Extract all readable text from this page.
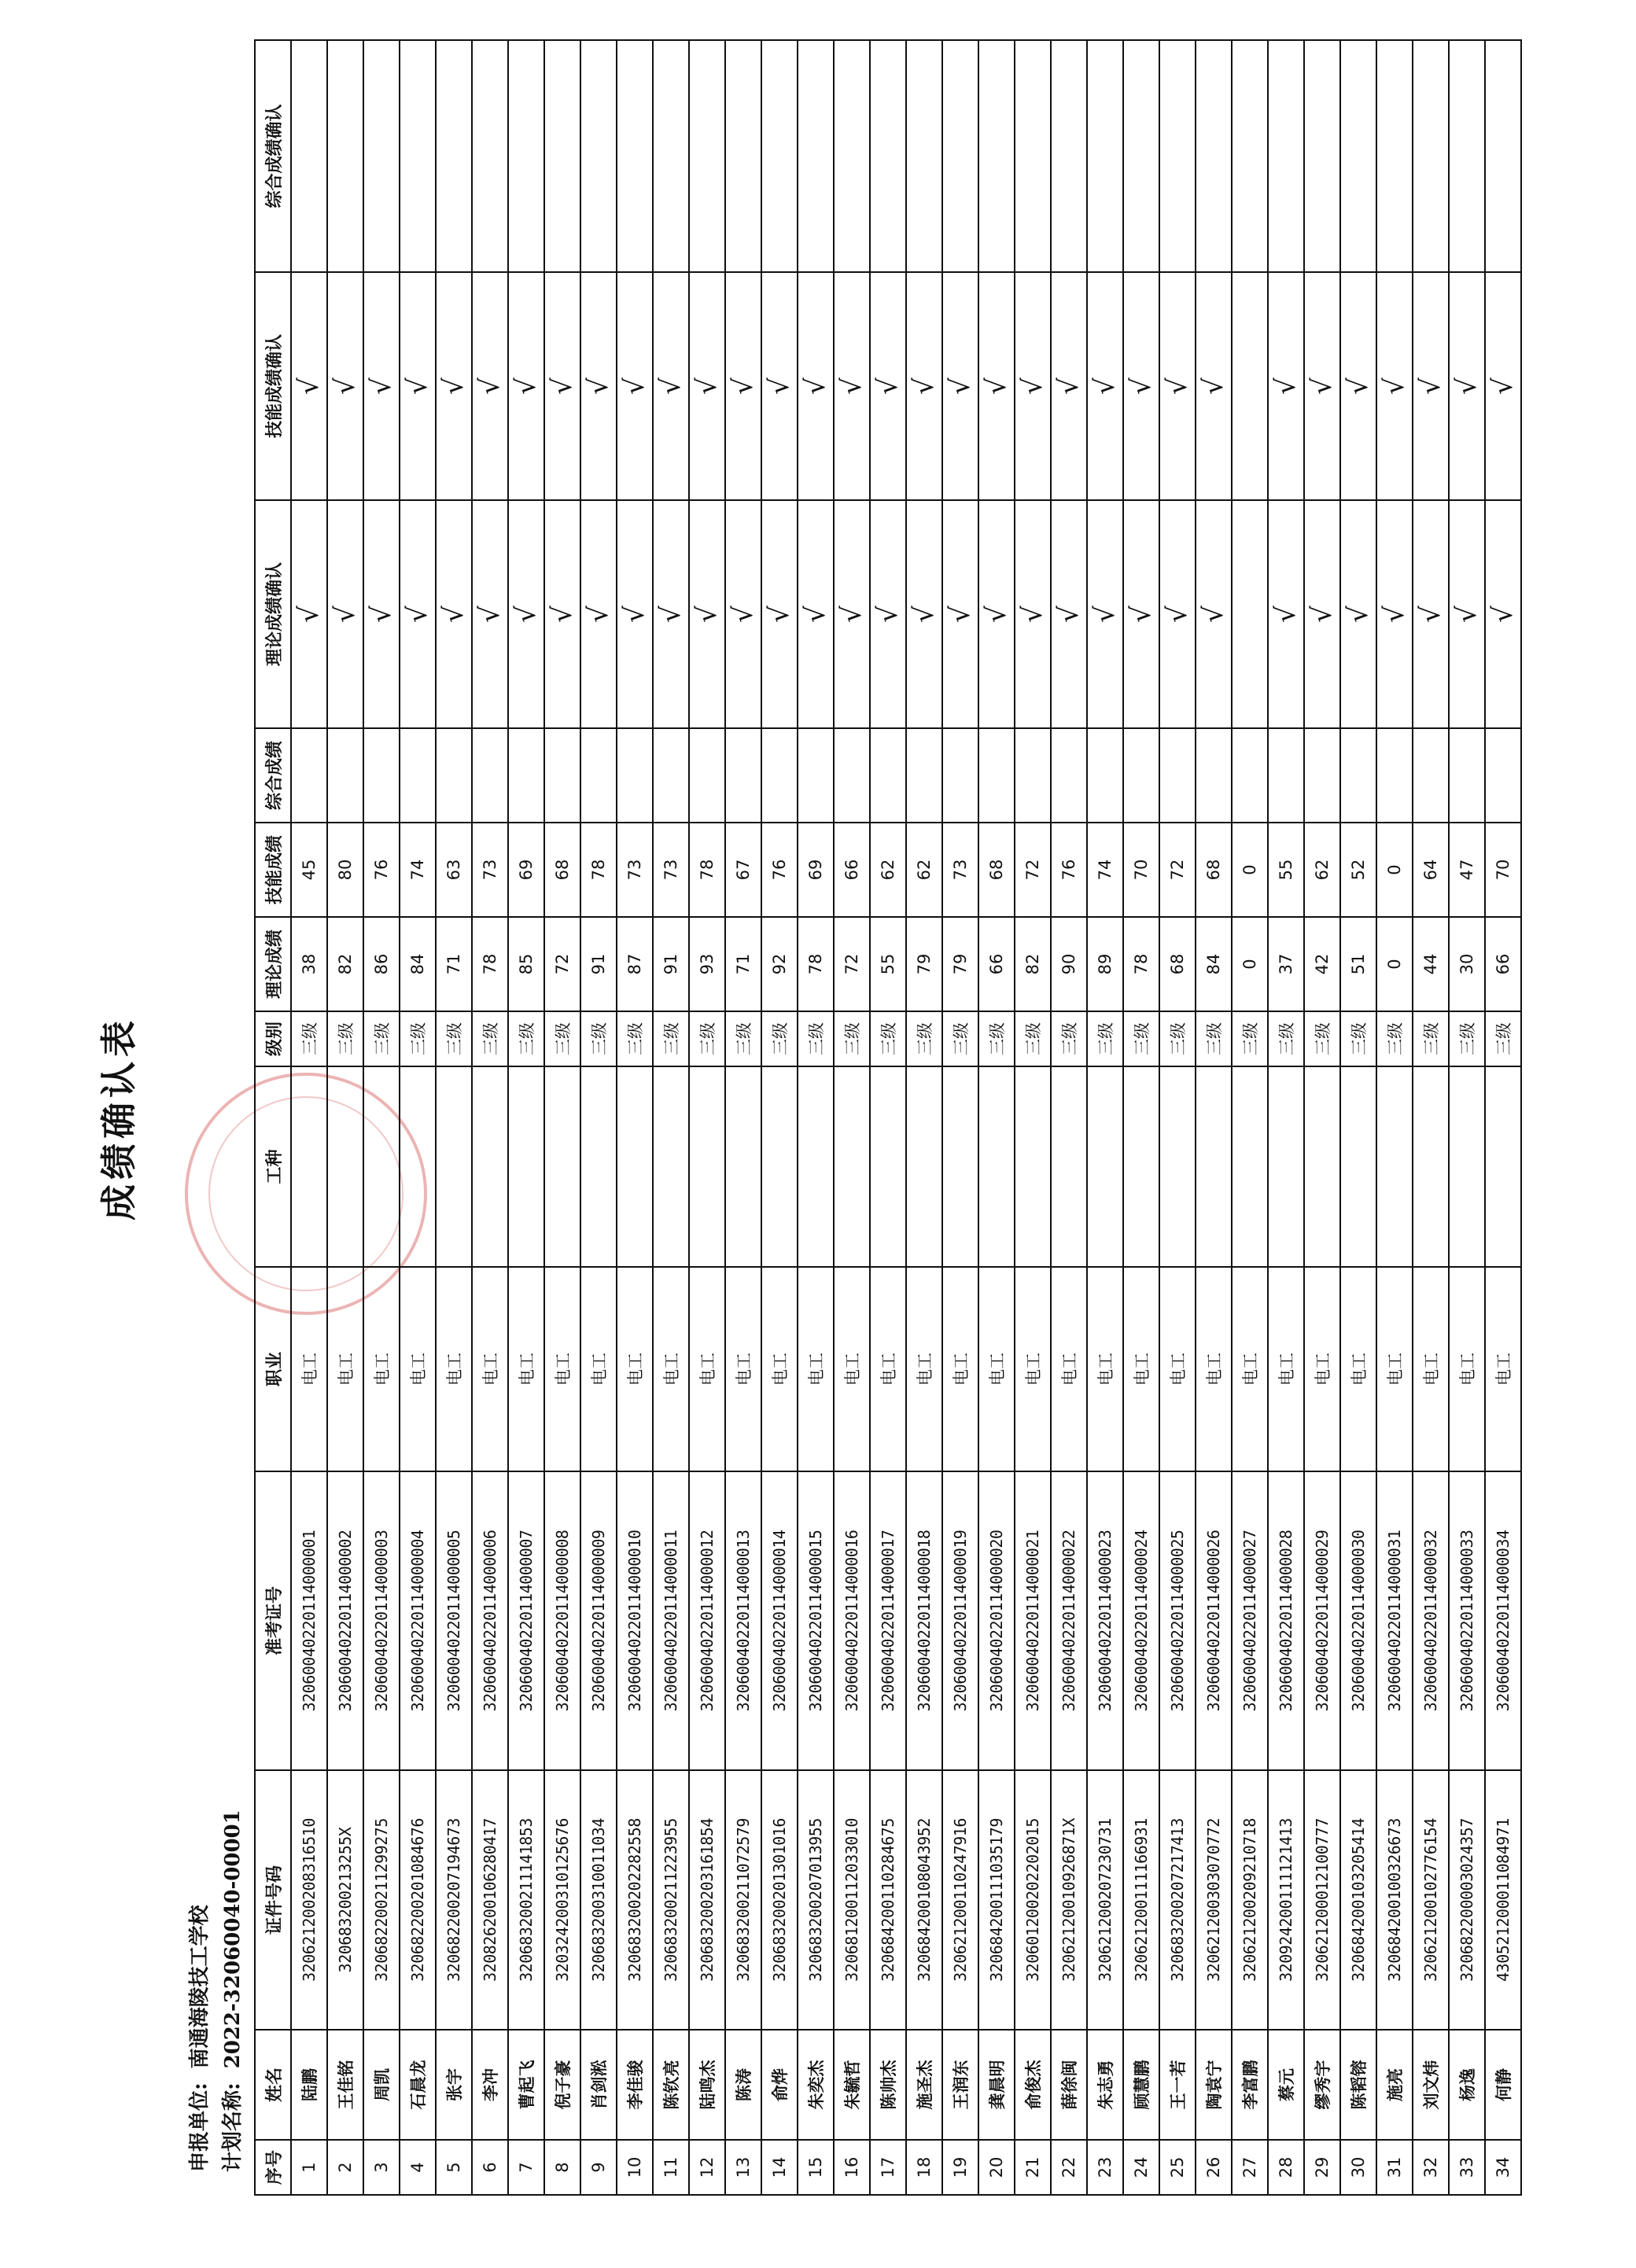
成绩确认表
申报单位:南通海陵技工学校
计划名称:2022-32060040-00001
序号	姓名	证件号码	准考证号	职业	工种	级别	理论成绩	技能成绩	综合成绩	理论成绩确认	技能成绩确认	综合成绩确认
1	陆鹏	320621200208316510	32060040220114000001	电工		三级	38	45		√	√	
2	王佳铭	32068320021325​5X	32060040220114000002	电工		三级	82	80		√	√	
3	周凯	320682200211299275	32060040220114000003	电工		三级	86	76		√	√	
4	石晨龙	320682200201084676	32060040220114000004	电工		三级	84	74		√	√	
5	张宇	320682200207194673	32060040220114000005	电工		三级	71	63		√	√	
6	李冲	320826200106280417	32060040220114000006	电工		三级	78	73		√	√	
7	曹起飞	320683200211141853	32060040220114000007	电工		三级	85	69		√	√	
8	倪子豪	320324200310125676	32060040220114000008	电工		三级	72	68		√	√	
9	肖剑淞	320683200310011034	32060040220114000009	电工		三级	91	78		√	√	
10	李佳骏	320683200202282558	32060040220114000010	电工		三级	87	73		√	√	
11	陈钦亮	320683200211223955	32060040220114000011	电工		三级	91	73		√	√	
12	陆鸣杰	320683200203161854	32060040220114000012	电工		三级	93	78		√	√	
13	陈涛	320683200211072579	32060040220114000013	电工		三级	71	67		√	√	
14	俞烨	320683200201301016	32060040220114000014	电工		三级	92	76		√	√	
15	朱奕杰	320683200207013955	32060040220114000015	电工		三级	78	69		√	√	
16	朱毓哲	320681200112033010	32060040220114000016	电工		三级	72	66		√	√	
17	陈帅杰	320684200110284675	32060040220114000017	电工		三级	55	62		√	√	
18	施圣杰	320684200108043952	32060040220114000018	电工		三级	79	62		√	√	
19	王润东	320621200110247916	32060040220114000019	电工		三级	79	73		√	√	
20	龚晨明	320684200111035179	32060040220114000020	电工		三级	66	68		√	√	
21	俞俊杰	320601200202202015	32060040220114000021	电工		三级	82	72		√	√	
22	薛徐闽	32062120010926871X	32060040220114000022	电工		三级	90	76		√	√	
23	朱志勇	320621200207230731	32060040220114000023	电工		三级	89	74		√	√	
24	顾慧鹏	320621200111166931	32060040220114000024	电工		三级	78	70		√	√	
25	王一若	320683200207217413	32060040220114000025	电工		三级	68	72		√	√	
26	陶袁宁	320621200303070772	32060040220114000026	电工		三级	84	68		√	√	
27	李富鹏	320621200209210718	32060040220114000027	电工		三级	0	0				
28	蔡元	320924200111121413	32060040220114000028	电工		三级	37	55		√	√	
29	缪秀宇	320621200012100777	32060040220114000029	电工		三级	42	62		√	√	
30	陈韬镕	320684200103205414	32060040220114000030	电工		三级	51	52		√	√	
31	施亮	320684200100326673	32060040220114000031	电工		三级	0	0		√	√	
32	刘文炜	320621200102776154	32060040220114000032	电工		三级	44	64		√	√	
33	杨逸	320682200003024357	32060040220114000033	电工		三级	30	47		√	√	
34	何静	430521200011084971	32060040220114000034	电工		三级	66	70		√	√	
